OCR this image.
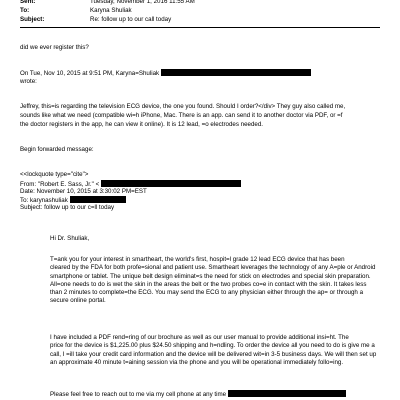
Sent:	Tuesday, November 1, 2016 11:55 AM
To:	Karyna Shuliak
Subject:	Re: follow up to our call today
did we ever register this?
On Tue, Nov 10, 2015 at 9:51 PM, Karyna=Shuliak
wrote:
Jeffrey, this=is regarding the television ECG device, the one you found. Should I order?</div> They guy also called me,
sounds like what we need (compatible wi=h iPhone, Mac. There is an app. can send it to another doctor via PDF, or =f
the doctor registers in the app, he can view it online). It is 12 lead, =o electrodes needed.
Begin forwarded message:
<<lockquote type="cite">
From: "Robert E. Sass, Jr." <
Date: November 10, 2015 at 3:30:02 PM=EST
To: karynashuliak
Subject: follow up to our c=ll today
Hi Dr. Shuliak,
T=ank you for your interest in smartheart, the world's first, hospit=l grade 12 lead ECG device that has been
cleared by the FDA for both profe=sional and patient use. Smartheart leverages the technology of any A=ple or Android
smartphone or tablet. The unique belt design eliminat=s the need for stick on electrodes and special skin preparation.
All=one needs to do is wet the skin in the areas the belt or the two probes co=e in contact with the skin. It takes less
than 2 minutes to complete=the ECG. You may send the ECG to any physician either through the ap= or through a
secure online portal.
I have included a PDF rend=ring of our brochure as well as our user manual to provide additional insi=ht. The
price for the device is $1,225.00 plus $24.50 shipping and h=ndling. To order the device all you need to do is give me a
call, I =ill take your credit card information and the device will be delivered wit=in 3-5 business days. We will then set up
an approximate 40 minute t=aining session via the phone and you will be operational immediately follo=ing.
Please feel free to reach out to me via my cell phone at any time
